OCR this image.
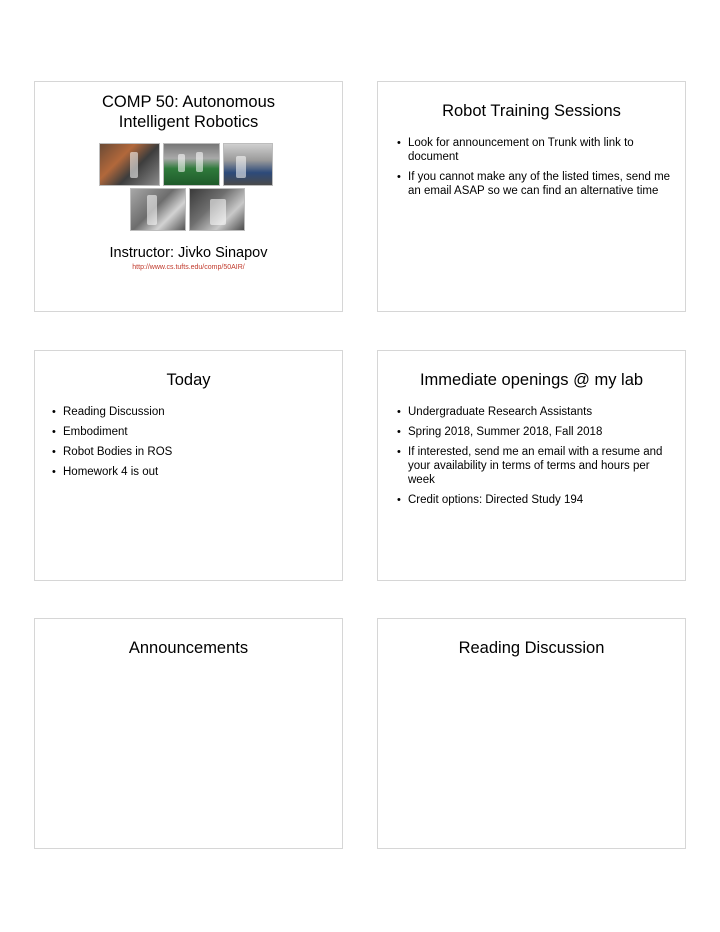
COMP 50: Autonomous
Intelligent Robotics
Instructor: Jivko Sinapov
http://www.cs.tufts.edu/comp/50AIR/
Robot Training Sessions
• Look for announcement on Trunk with link to document
• If you cannot make any of the listed times, send me an email ASAP so we can find an alternative time
Today
• Reading Discussion
• Embodiment
• Robot Bodies in ROS
• Homework 4 is out
Immediate openings @ my lab
• Undergraduate Research Assistants
• Spring 2018, Summer 2018, Fall 2018
• If interested, send me an email with a resume and your availability in terms of terms and hours per week
• Credit options: Directed Study 194
Announcements	Reading Discussion
